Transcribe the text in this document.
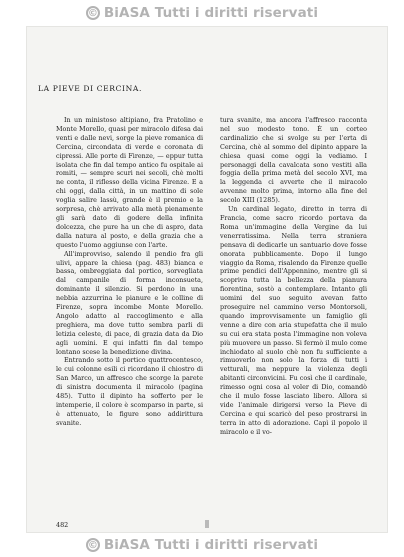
© BiASA Tutti i diritti riservati
LA PIEVE DI CERCINA.

In un ministoso altipiano, fra Pratolino e Monte Morello, quasi per miracolo difesa dai venti e dalle nevi, sorge la pieve romanica di Cercina, circondata di verde e coronata di cipressi. Alle porte di Firenze, — eppur tutta isolata che fin dal tempo antico fu ospitale ai romiti, — sempre scuri nei secoli, chè molti ne conta, il riflesso della vicina Firenze. E a chi oggi, dalla città, in un mattino di sole voglia salire lassù, grande è il premio e la sorpresa, chè arrivato alla metà pienamente gli sarà dato di godere della infinita dolcezza, che pure ha un che di aspro, data dalla natura al posto, e della grazia che a questo l'uomo aggiunse con l'arte.

All'improvviso, salendo il pendio fra gli ulivi, appare la chiesa (pag. 483) bianca e bassa, ombreggiata dal portico, sorvegliata dal campanile di forma inconsueta, dominante il silenzio. Si perdono in una nebbia azzurrina le pianure e le colline di Firenze, sopra incombe Monte Morello. Angolo adatto al raccoglimento e alla preghiera, ma dove tutto sembra parli di letizia celeste, di pace, di grazia data da Dio agli uomini. E qui infatti fin dal tempo lontano scese la benedizione divina.

Entrando sotto il portico quattrocentesco, le cui colonne esili ci ricordano il chiostro di San Marco, un affresco che scorge la parete di sinistra documenta il miracolo (pagina 485). Tutto il dipinto ha sofferto per le intemperie, il colore è scomparso in parte, si è attenuato, le figure sono addirittura svanite.

tura svanite, ma ancora l'affresco racconta nel suo modesto tono. È un corteo cardinalizio che si svolge su per l'erta di Cercina, chè al sommo del dipinto appare la chiesa quasi come oggi la vediamo. I personaggi della cavalcata sono vestiti alla foggia della prima metà del secolo XVI, ma la leggenda ci avverte che il miracolo avvenne molto prima, intorno alla fine del secolo XIII (1285).

Un cardinal legato, diretto in terra di Francia, come sacro ricordo portava da Roma un'immagine della Vergine da lui venerratissima. Nella terra straniera pensava di dedicarle un santuario dove fosse onorata pubblicamente. Dopo il lungo viaggio da Roma, risalendo da Firenze quelle prime pendici dell'Appennino, mentre gli si scopriva tutta la bellezza della pianura fiorentina, sostò a contemplare. Intanto gli uomini del suo seguito avevan fatto proseguire nel cammino verso Montorsoli, quando improvvisamente un famiglio gli venne a dire con aria stupefatta che il mulo su cui era stata posta l'immagine non voleva più muovere un passo. Si fermò il mulo come inchiodato al suolo chè non fu sufficiente a rimuoverlo non solo la forza di tutti i vetturali, ma neppure la violenza degli abitanti circonvicini. Fu così che il cardinale, rimesso ogni cosa al voler di Dio, comandò che il mulo fosse lasciato libero. Allora si vide l'animale dirigersi verso la Pieve di Cercina e qui scaricò del peso prostrarsi in terra in atto di adorazione. Capì il popolo il miracolo e il vo-

482
© BiASA Tutti i diritti riservati
